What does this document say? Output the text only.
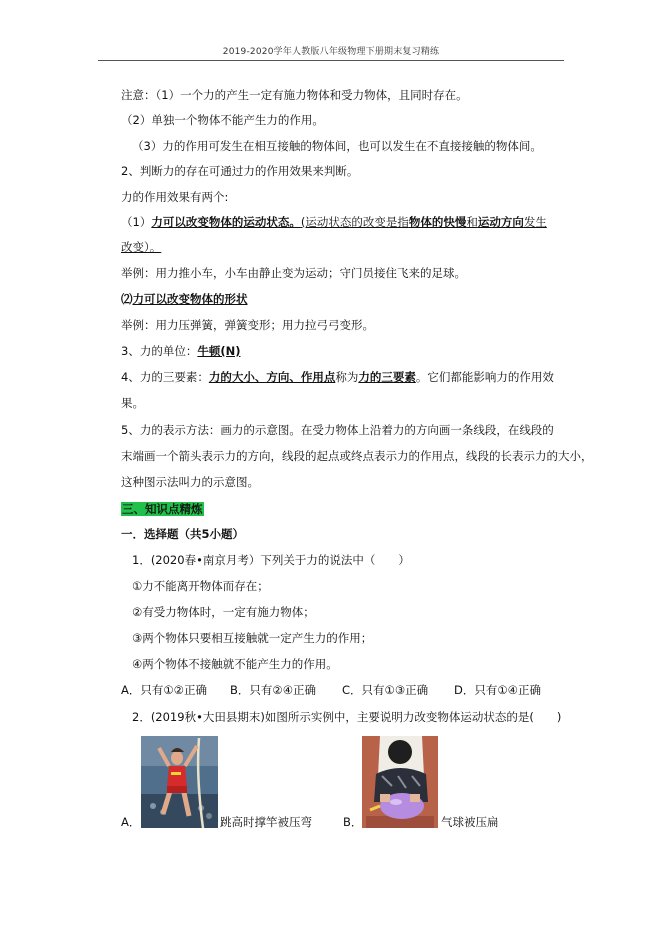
2019-2020学年人教版八年级物理下册期末复习精练
注意：（1）一个力的产生一定有施力物体和受力物体，且同时存在。
（2）单独一个物体不能产生力的作用。
（3）力的作用可发生在相互接触的物体间，也可以发生在不直接接触的物体间。
2、判断力的存在可通过力的作用效果来判断。
力的作用效果有两个:
（1）力可以改变物体的运动状态。(运动状态的改变是指物体的快慢和运动方向发生
改变）。
举例：用力推小车，小车由静止变为运动；守门员接住飞来的足球。
⑵力可以改变物体的形状
举例：用力压弹簧，弹簧变形；用力拉弓弓变形。
3、力的单位：牛顿(N)
4、力的三要素：力的大小、方向、作用点称为力的三要素。它们都能影响力的作用效
果。
5、力的表示方法：画力的示意图。在受力物体上沿着力的方向画一条线段，在线段的
末端画一个箭头表示力的方向，线段的起点或终点表示力的作用点，线段的长表示力的大小，
这种图示法叫力的示意图。
三、知识点精炼
一．选择题（共5小题）
1．(2020春•南京月考）下列关于力的说法中（　　）
①力不能离开物体而存在；
②有受力物体时，一定有施力物体；
③两个物体只要相互接触就一定产生力的作用；
④两个物体不接触就不能产生力的作用。
A．只有①②正确 B．只有②④正确 C．只有①③正确 D．只有①④正确
2．(2019秋•大田县期末)如图所示实例中，主要说明力改变物体运动状态的是(　　)
A．	跳高时撑竿被压弯	B．	气球被压扁
